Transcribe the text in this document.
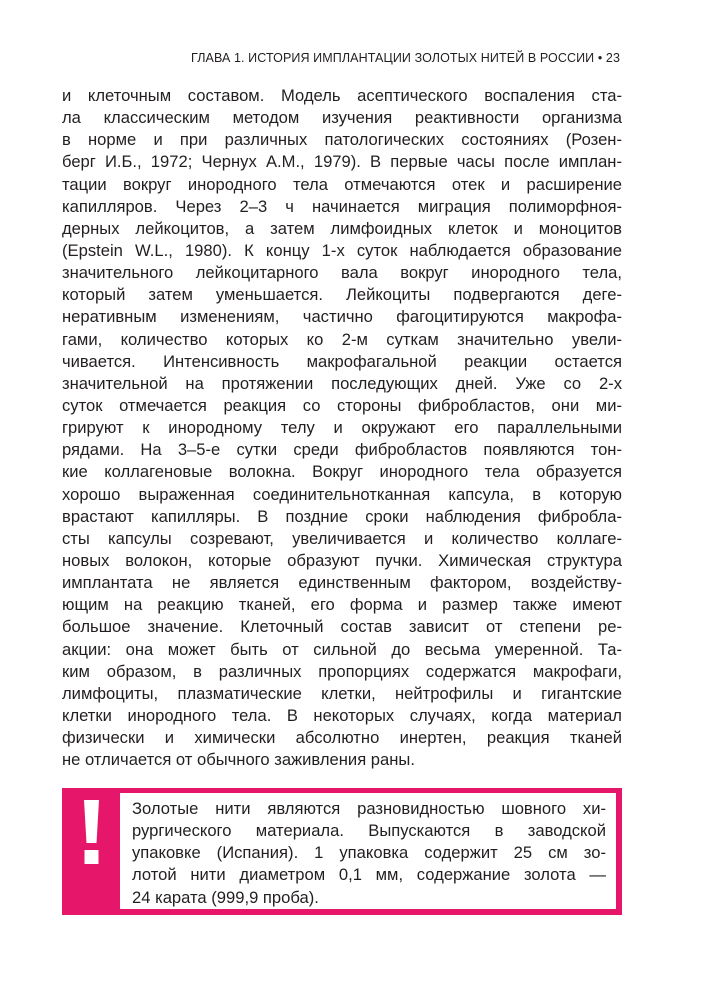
ГЛАВА 1. ИСТОРИЯ ИМПЛАНТАЦИИ ЗОЛОТЫХ НИТЕЙ В РОССИИ • 23
и клеточным составом. Модель асептического воспаления ста-
ла классическим методом изучения реактивности организма
в норме и при различных патологических состояниях (Розен-
берг И.Б., 1972; Чернух А.М., 1979). В первые часы после имплан-
тации вокруг инородного тела отмечаются отек и расширение
капилляров. Через 2–3 ч начинается миграция полиморфноя-
дерных лейкоцитов, а затем лимфоидных клеток и моноцитов
(Epstein W.L., 1980). К концу 1-х суток наблюдается образование
значительного лейкоцитарного вала вокруг инородного тела,
который затем уменьшается. Лейкоциты подвергаются деге-
неративным изменениям, частично фагоцитируются макрофа-
гами, количество которых ко 2-м суткам значительно увели-
чивается. Интенсивность макрофагальной реакции остается
значительной на протяжении последующих дней. Уже со 2-х
суток отмечается реакция со стороны фибробластов, они ми-
грируют к инородному телу и окружают его параллельными
рядами. На 3–5-е сутки среди фибробластов появляются тон-
кие коллагеновые волокна. Вокруг инородного тела образуется
хорошо выраженная соединительнотканная капсула, в которую
врастают капилляры. В поздние сроки наблюдения фибробла-
сты капсулы созревают, увеличивается и количество коллаге-
новых волокон, которые образуют пучки. Химическая структура
имплантата не является единственным фактором, воздейству-
ющим на реакцию тканей, его форма и размер также имеют
большое значение. Клеточный состав зависит от степени ре-
акции: она может быть от сильной до весьма умеренной. Та-
ким образом, в различных пропорциях содержатся макрофаги,
лимфоциты, плазматические клетки, нейтрофилы и гигантские
клетки инородного тела. В некоторых случаях, когда материал
физически и химически абсолютно инертен, реакция тканей
не отличается от обычного заживления раны.
Золотые нити являются разновидностью шовного хи-
рургического материала. Выпускаются в заводской
упаковке (Испания). 1 упаковка содержит 25 см зо-
лотой нити диаметром 0,1 мм, содержание золота —
24 карата (999,9 проба).
